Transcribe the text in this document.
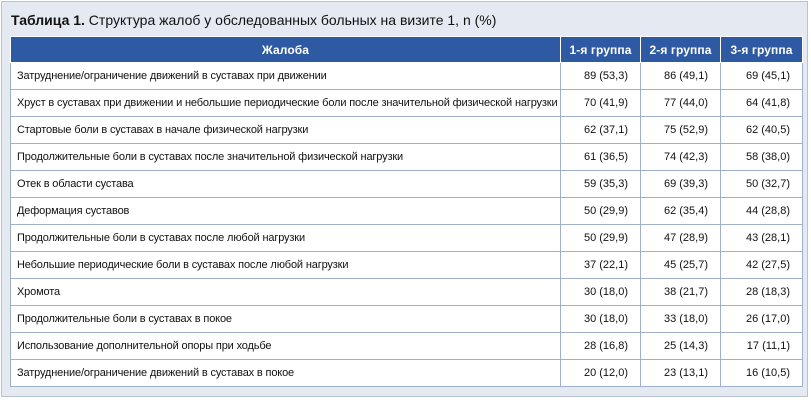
Таблица 1. Структура жалоб у обследованных больных на визите 1, n (%)
Жалоба	1-я группа	2-я группа	3-я группа
Затруднение/ограничение движений в суставах при движении	89 (53,3)	86 (49,1)	69 (45,1)
Хруст в суставах при движении и небольшие периодические боли после значительной физической нагрузки	70 (41,9)	77 (44,0)	64 (41,8)
Стартовые боли в суставах в начале физической нагрузки	62 (37,1)	75 (52,9)	62 (40,5)
Продолжительные боли в суставах после значительной физической нагрузки	61 (36,5)	74 (42,3)	58 (38,0)
Отек в области сустава	59 (35,3)	69 (39,3)	50 (32,7)
Деформация суставов	50 (29,9)	62 (35,4)	44 (28,8)
Продолжительные боли в суставах после любой нагрузки	50 (29,9)	47 (28,9)	43 (28,1)
Небольшие периодические боли в суставах после любой нагрузки	37 (22,1)	45 (25,7)	42 (27,5)
Хромота	30 (18,0)	38 (21,7)	28 (18,3)
Продолжительные боли в суставах в покое	30 (18,0)	33 (18,0)	26 (17,0)
Использование дополнительной опоры при ходьбе	28 (16,8)	25 (14,3)	17 (11,1)
Затруднение/ограничение движений в суставах в покое	20 (12,0)	23 (13,1)	16 (10,5)
